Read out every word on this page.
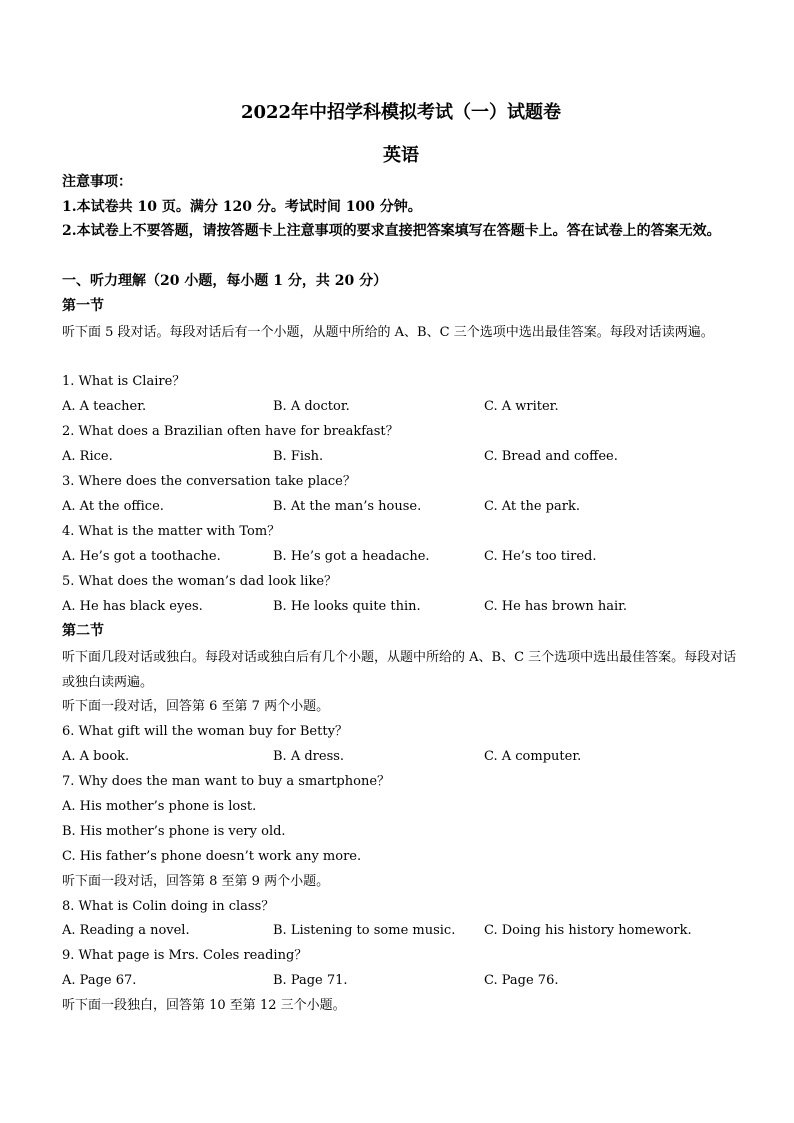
2022年中招学科模拟考试（一）试题卷
英语
注意事项：
1.本试卷共 10 页。满分 120 分。考试时间 100 分钟。
2.本试卷上不要答题，请按答题卡上注意事项的要求直接把答案填写在答题卡上。答在试卷上的答案无效。
一、听力理解（20 小题，每小题 1 分，共 20 分）
第一节
听下面 5 段对话。每段对话后有一个小题，从题中所给的 A、B、C 三个选项中选出最佳答案。每段对话读两遍。
1. What is Claire？
A. A teacher.	B. A doctor.	C. A writer.
2. What does a Brazilian often have for breakfast？
A. Rice.	B. Fish.	C. Bread and coffee.
3. Where does the conversation take place？
A. At the office.	B. At the man’s house.	C. At the park.
4. What is the matter with Tom？
A. He’s got a toothache.	B. He’s got a headache.	C. He’s too tired.
5. What does the woman’s dad look like？
A. He has black eyes.	B. He looks quite thin.	C. He has brown hair.
第二节
听下面几段对话或独白。每段对话或独白后有几个小题，从题中所给的 A、B、C 三个选项中选出最佳答案。每段对话或独白读两遍。
听下面一段对话，回答第 6 至第 7 两个小题。
6. What gift will the woman buy for Betty？
A. A book.	B. A dress.	C. A computer.
7. Why does the man want to buy a smartphone？
A. His mother’s phone is lost.
B. His mother’s phone is very old.
C. His father’s phone doesn’t work any more.
听下面一段对话，回答第 8 至第 9 两个小题。
8. What is Colin doing in class？
A. Reading a novel.	B. Listening to some music. C. Doing his history homework.
9. What page is Mrs. Coles reading？
A. Page 67.	B. Page 71.	C. Page 76.
听下面一段独白，回答第 10 至第 12 三个小题。
